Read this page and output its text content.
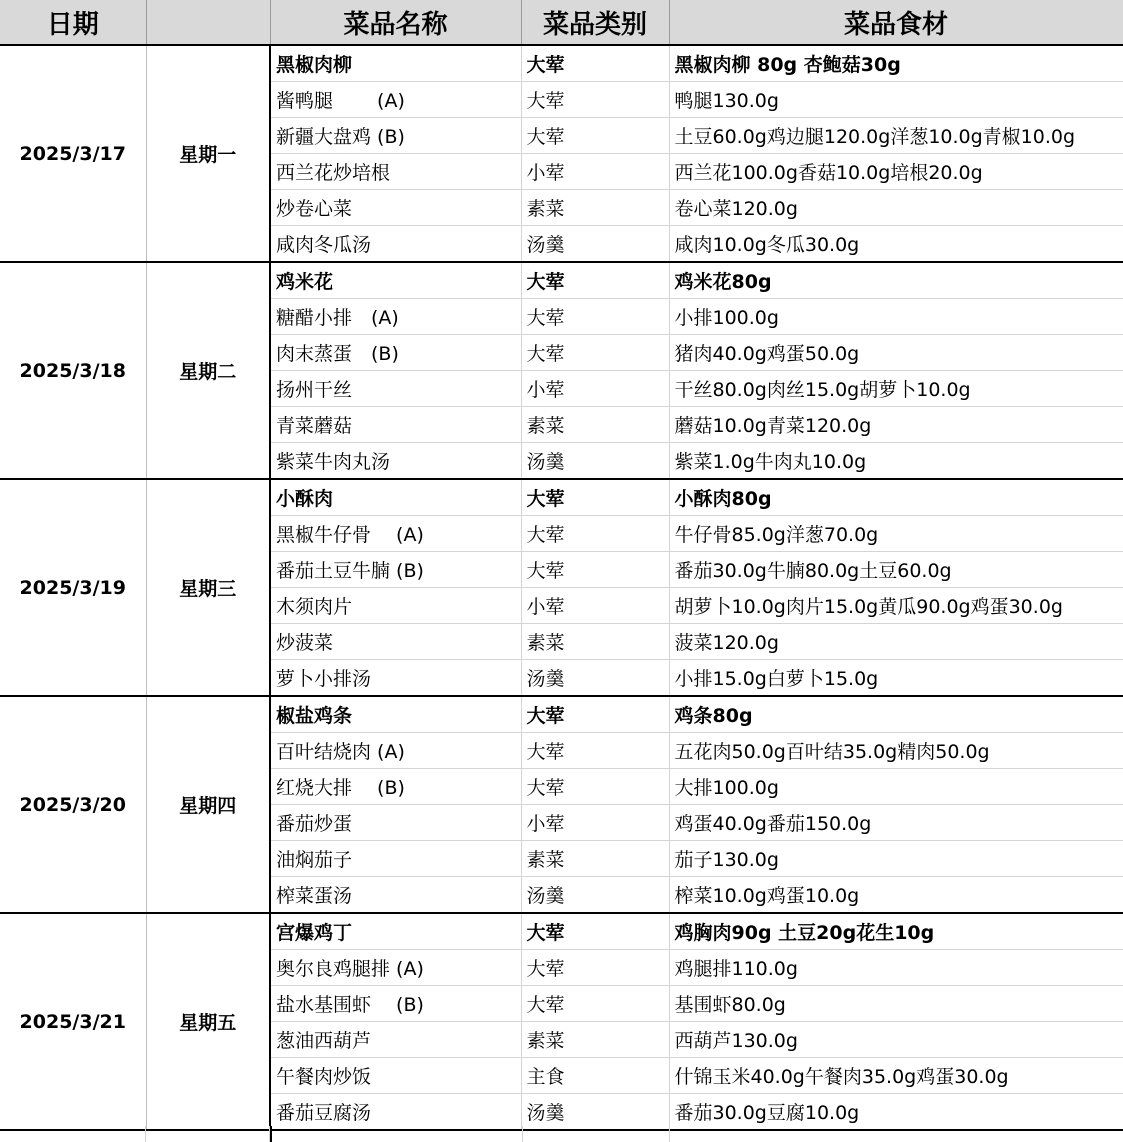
日期		菜品名称	菜品类别	菜品食材
2025/3/17	星期一	黑椒肉柳	大荤	黑椒肉柳 80g 杏鲍菇30g
		酱鸭腿　　 (A)	大荤	鸭腿130.0g
		新疆大盘鸡 (B)	大荤	土豆60.0g鸡边腿120.0g洋葱10.0g青椒10.0g
		西兰花炒培根	小荤	西兰花100.0g香菇10.0g培根20.0g
		炒卷心菜	素菜	卷心菜120.0g
		咸肉冬瓜汤	汤羹	咸肉10.0g冬瓜30.0g
2025/3/18	星期二	鸡米花	大荤	鸡米花80g
		糖醋小排　(A)	大荤	小排100.0g
		肉末蒸蛋　(B)	大荤	猪肉40.0g鸡蛋50.0g
		扬州干丝	小荤	干丝80.0g肉丝15.0g胡萝卜10.0g
		青菜蘑菇	素菜	蘑菇10.0g青菜120.0g
		紫菜牛肉丸汤	汤羹	紫菜1.0g牛肉丸10.0g
2025/3/19	星期三	小酥肉	大荤	小酥肉80g
		黑椒牛仔骨　 (A)	大荤	牛仔骨85.0g洋葱70.0g
		番茄土豆牛腩 (B)	大荤	番茄30.0g牛腩80.0g土豆60.0g
		木须肉片	小荤	胡萝卜10.0g肉片15.0g黄瓜90.0g鸡蛋30.0g
		炒菠菜	素菜	菠菜120.0g
		萝卜小排汤	汤羹	小排15.0g白萝卜15.0g
2025/3/20	星期四	椒盐鸡条	大荤	鸡条80g
		百叶结烧肉 (A)	大荤	五花肉50.0g百叶结35.0g精肉50.0g
		红烧大排　 (B)	大荤	大排100.0g
		番茄炒蛋	小荤	鸡蛋40.0g番茄150.0g
		油焖茄子	素菜	茄子130.0g
		榨菜蛋汤	汤羹	榨菜10.0g鸡蛋10.0g
2025/3/21	星期五	宫爆鸡丁	大荤	鸡胸肉90g 土豆20g花生10g
		奥尔良鸡腿排 (A)	大荤	鸡腿排110.0g
		盐水基围虾　 (B)	大荤	基围虾80.0g
		葱油西葫芦	素菜	西葫芦130.0g
		午餐肉炒饭	主食	什锦玉米40.0g午餐肉35.0g鸡蛋30.0g
		番茄豆腐汤	汤羹	番茄30.0g豆腐10.0g
